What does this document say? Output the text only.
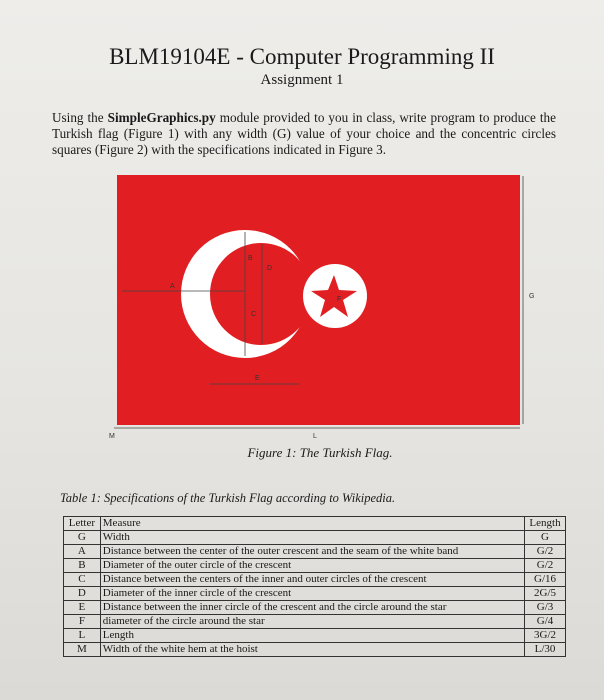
BLM19104E - Computer Programming II
Assignment 1
Using the SimpleGraphics.py module provided to you in class, write program to produce the Turkish flag (Figure 1) with any width (G) value of your choice and the concentric circles squares (Figure 2) with the specifications indicated in Figure 3.
A
B
C
D
E
F	G
L
M
Figure 1: The Turkish Flag.
Table 1: Specifications of the Turkish Flag according to Wikipedia.
Letter	Measure	Length
G	Width	G
A	Distance between the center of the outer crescent and the seam of the white band	G/2
B	Diameter of the outer circle of the crescent	G/2
C	Distance between the centers of the inner and outer circles of the crescent	G/16
D	Diameter of the inner circle of the crescent	2G/5
E	Distance between the inner circle of the crescent and the circle around the star	G/3
F	diameter of the circle around the star	G/4
L	Length	3G/2
M	Width of the white hem at the hoist	L/30
